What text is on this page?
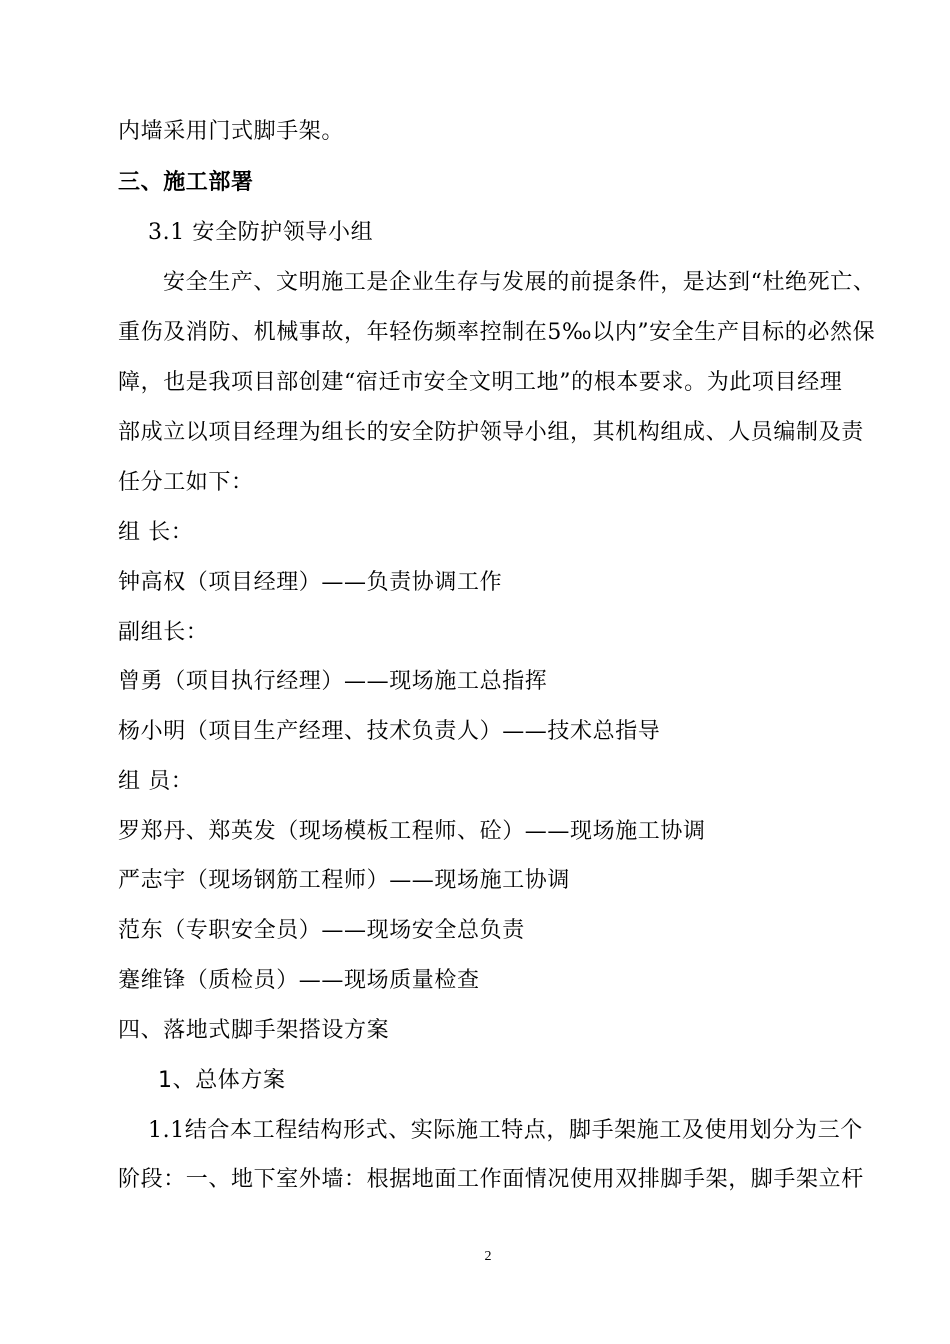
内墙采用门式脚手架。
三、施工部署
3.1 安全防护领导小组
安全生产、文明施工是企业生存与发展的前提条件，是达到“杜绝死亡、
重伤及消防、机械事故，年轻伤频率控制在5‰以内”安全生产目标的必然保
障，也是我项目部创建“宿迁市安全文明工地”的根本要求。为此项目经理
部成立以项目经理为组长的安全防护领导小组，其机构组成、人员编制及责
任分工如下：
组 长：
钟高权（项目经理）——负责协调工作
副组长：
曾勇（项目执行经理）——现场施工总指挥
杨小明（项目生产经理、技术负责人）——技术总指导
组 员：
罗郑丹、郑英发（现场模板工程师、砼）——现场施工协调
严志宇（现场钢筋工程师）——现场施工协调
范东（专职安全员）——现场安全总负责
蹇维锋（质检员）——现场质量检查
四、落地式脚手架搭设方案
1、总体方案
1.1结合本工程结构形式、实际施工特点，脚手架施工及使用划分为三个
阶段：一、地下室外墙：根据地面工作面情况使用双排脚手架，脚手架立杆
2
